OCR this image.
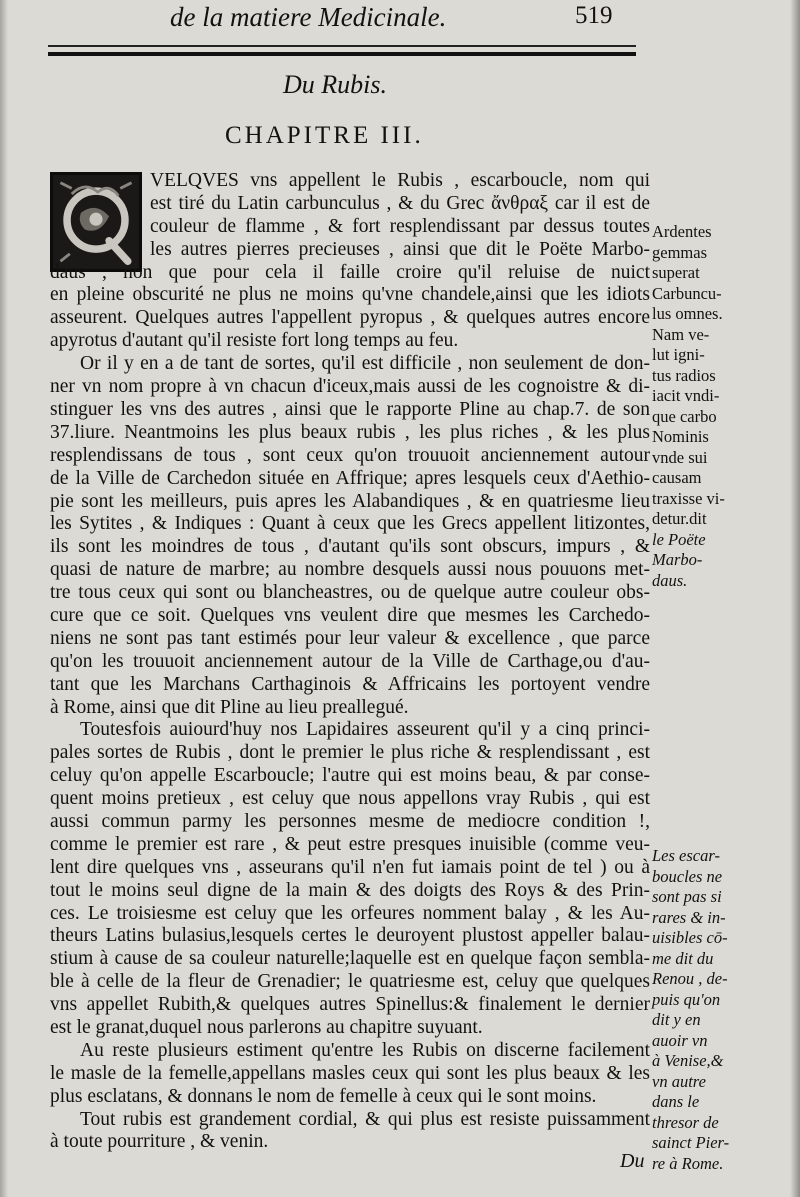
de la matiere Medicinale.	519
Du Rubis.
CHAPITRE III.
VELQVES vns appellent le Rubis , escarboucle, nom qui
est tiré du Latin carbunculus , & du Grec ἄνθραξ car il est de
couleur de flamme , & fort resplendissant par dessus toutes
les autres pierres precieuses , ainsi que dit le Poëte Marbo-
daus , non que pour cela il faille croire qu'il reluise de nuict
en pleine obscurité ne plus ne moins qu'vne chandele,ainsi que les idiots
asseurent. Quelques autres l'appellent pyropus , & quelques autres encore
apyrotus d'autant qu'il resiste fort long temps au feu.
Or il y en a de tant de sortes, qu'il est difficile , non seulement de don-
ner vn nom propre à vn chacun d'iceux,mais aussi de les cognoistre & di-
stinguer les vns des autres , ainsi que le rapporte Pline au chap.7. de son
37.liure. Neantmoins les plus beaux rubis , les plus riches , & les plus
resplendissans de tous , sont ceux qu'on trouuoit anciennement autour
de la Ville de Carchedon située en Affrique; apres lesquels ceux d'Aethio-
pie sont les meilleurs, puis apres les Alabandiques , & en quatriesme lieu
les Sytites , & Indiques : Quant à ceux que les Grecs appellent litizontes,
ils sont les moindres de tous , d'autant qu'ils sont obscurs, impurs , &
quasi de nature de marbre; au nombre desquels aussi nous pouuons met-
tre tous ceux qui sont ou blancheastres, ou de quelque autre couleur obs-
cure que ce soit. Quelques vns veulent dire que mesmes les Carchedo-
niens ne sont pas tant estimés pour leur valeur & excellence , que parce
qu'on les trouuoit anciennement autour de la Ville de Carthage,ou d'au-
tant que les Marchans Carthaginois & Affricains les portoyent vendre
à Rome, ainsi que dit Pline au lieu preallegué.
Toutesfois auiourd'huy nos Lapidaires asseurent qu'il y a cinq princi-
pales sortes de Rubis , dont le premier le plus riche & resplendissant , est
celuy qu'on appelle Escarboucle; l'autre qui est moins beau, & par conse-
quent moins pretieux , est celuy que nous appellons vray Rubis , qui est
aussi commun parmy les personnes mesme de mediocre condition !,
comme le premier est rare , & peut estre presques inuisible (comme veu-
lent dire quelques vns , asseurans qu'il n'en fut iamais point de tel ) ou à
tout le moins seul digne de la main & des doigts des Roys & des Prin-
ces. Le troisiesme est celuy que les orfeures nomment balay , & les Au-
theurs Latins bulasius,lesquels certes le deuroyent plustost appeller balau-
stium à cause de sa couleur naturelle;laquelle est en quelque façon sembla-
ble à celle de la fleur de Grenadier; le quatriesme est, celuy que quelques
vns appellet Rubith,& quelques autres Spinellus:& finalement le dernier
est le granat,duquel nous parlerons au chapitre suyuant.
Au reste plusieurs estiment qu'entre les Rubis on discerne facilement
le masle de la femelle,appellans masles ceux qui sont les plus beaux & les
plus esclatans, & donnans le nom de femelle à ceux qui le sont moins.
Tout rubis est grandement cordial, & qui plus est resiste puissamment
à toute pourriture , & venin.
Ardentes
gemmas
superat
Carbuncu-
lus omnes.
Nam ve-
lut igni-
tus radios
iacit vndi-
que carbo
Nominis
vnde sui
causam
traxisse vi-
detur.dit
le Poëte
Marbo-
daus.
Les escar-
boucles ne
sont pas si
rares & in-
uisibles cō-
me dit du
Renou , de-
puis qu'on
dit y en
auoir vn
à Venise,&
vn autre
dans le
thresor de
sainct Pier-
re à Rome.
Du
